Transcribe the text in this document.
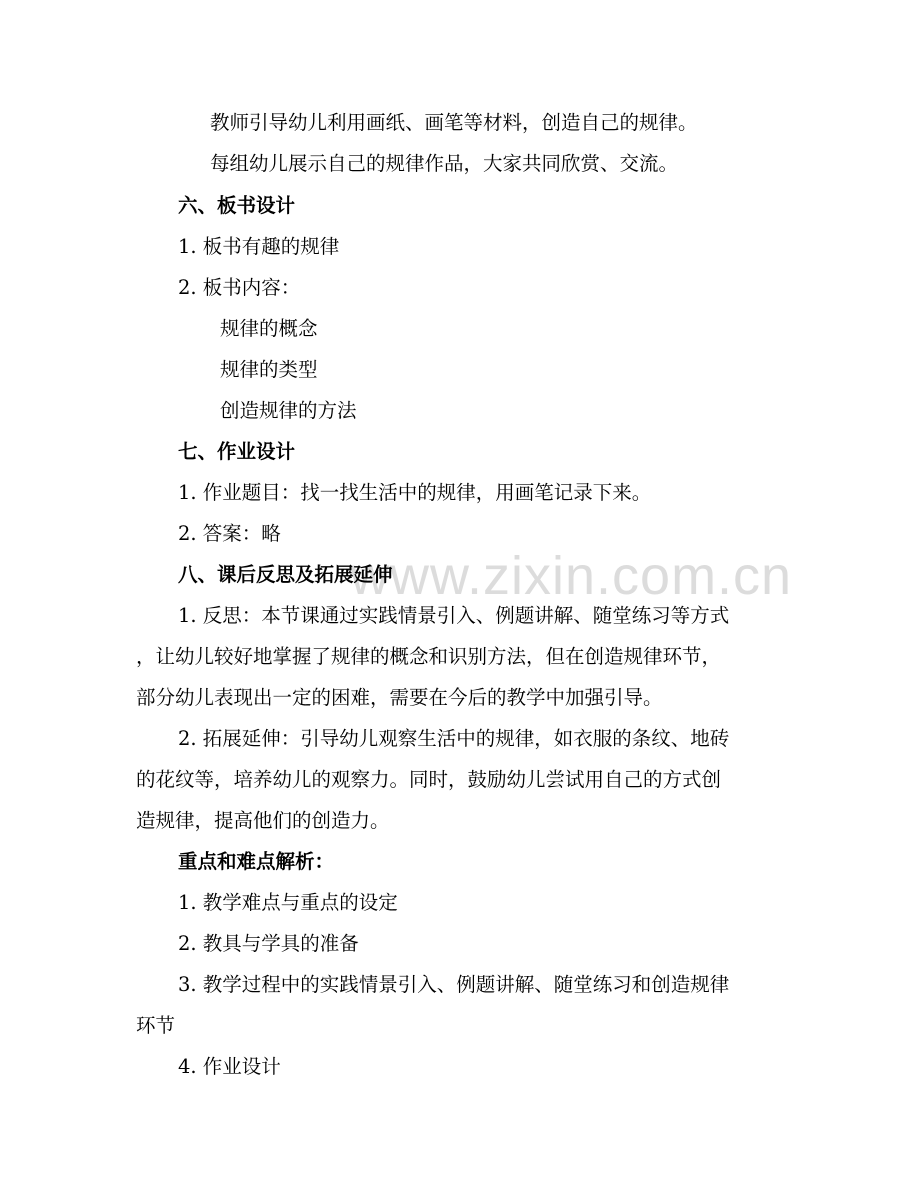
www.zixin.com.cn
教师引导幼儿利用画纸、画笔等材料，创造自己的规律。
每组幼儿展示自己的规律作品，大家共同欣赏、交流。
六、板书设计
1. 板书有趣的规律
2. 板书内容：
规律的概念
规律的类型
创造规律的方法
七、作业设计
1. 作业题目：找一找生活中的规律，用画笔记录下来。
2. 答案：略
八、课后反思及拓展延伸
1. 反思：本节课通过实践情景引入、例题讲解、随堂练习等方式
，让幼儿较好地掌握了规律的概念和识别方法，但在创造规律环节，
部分幼儿表现出一定的困难，需要在今后的教学中加强引导。
2. 拓展延伸：引导幼儿观察生活中的规律，如衣服的条纹、地砖
的花纹等，培养幼儿的观察力。同时，鼓励幼儿尝试用自己的方式创
造规律，提高他们的创造力。
重点和难点解析：
1. 教学难点与重点的设定
2. 教具与学具的准备
3. 教学过程中的实践情景引入、例题讲解、随堂练习和创造规律
环节
4. 作业设计
